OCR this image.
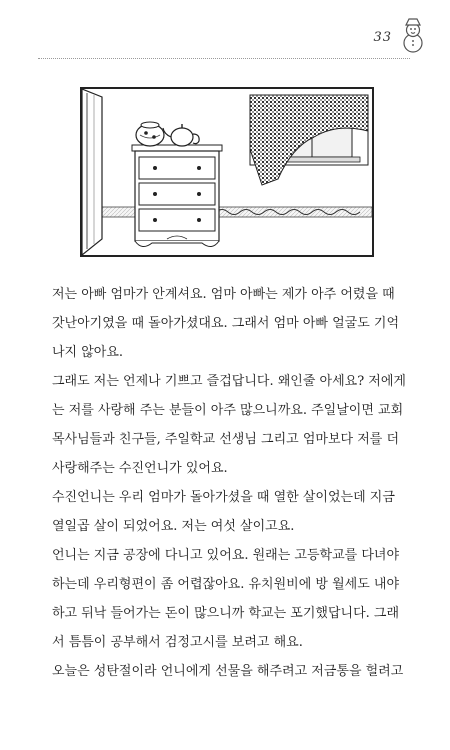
33
저는 아빠 엄마가 안계셔요. 엄마 아빠는 제가 아주 어렸을 때
갓난아기였을 때 돌아가셨대요. 그래서 엄마 아빠 얼굴도 기억
나지 않아요.
그래도 저는 언제나 기쁘고 즐겁답니다. 왜인줄 아세요? 저에게
는 저를 사랑해 주는 분들이 아주 많으니까요. 주일날이면 교회
목사님들과 친구들, 주일학교 선생님 그리고 엄마보다 저를 더
사랑해주는 수진언니가 있어요.
수진언니는 우리 엄마가 돌아가셨을 때 열한 살이었는데 지금
열일곱 살이 되었어요. 저는 여섯 살이고요.
언니는 지금 공장에 다니고 있어요. 원래는 고등학교를 다녀야
하는데 우리형편이 좀 어렵잖아요. 유치원비에 방 월세도 내야
하고 뒤낙 들어가는 돈이 많으니까 학교는 포기했답니다. 그래
서 틈틈이 공부해서 검정고시를 보려고 해요.
오늘은 성탄절이라 언니에게 선물을 해주려고 저금통을 헐려고
